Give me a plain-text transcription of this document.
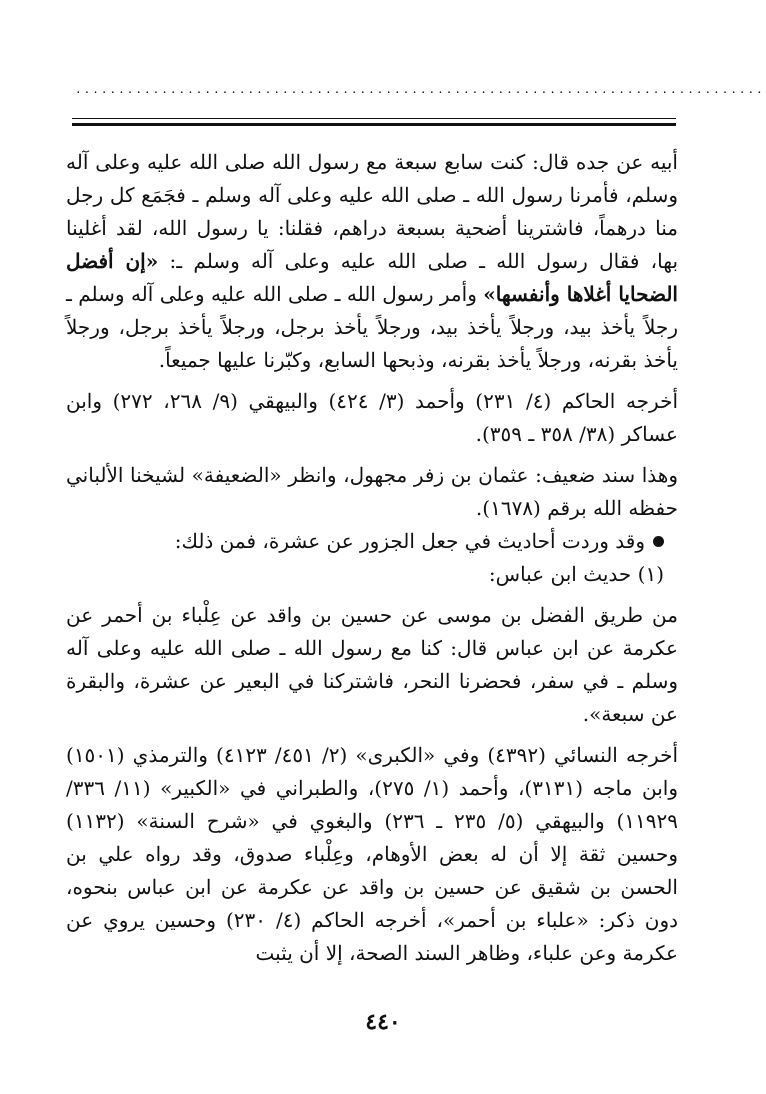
................................................................................

أبيه عن جده قال: كنت سابع سبعة مع رسول الله صلى الله عليه وعلى آله وسلم، فأمرنا رسول الله ـ صلى الله عليه وعلى آله وسلم ـ فجَمَع كل رجل منا درهماً، فاشترينا أضحية بسبعة دراهم، فقلنا: يا رسول الله، لقد أغلينا بها، فقال رسول الله ـ صلى الله عليه وعلى آله وسلم ـ: «إن أفضل الضحايا أغلاها وأنفسها» وأمر رسول الله ـ صلى الله عليه وعلى آله وسلم ـ رجلاً يأخذ بيد، ورجلاً يأخذ بيد، ورجلاً يأخذ برجل، ورجلاً يأخذ برجل، ورجلاً يأخذ بقرنه، ورجلاً يأخذ بقرنه، وذبحها السابع، وكبّرنا عليها جميعاً.

أخرجه الحاكم (٤/ ٢٣١) وأحمد (٣/ ٤٢٤) والبيهقي (٩/ ٢٦٨، ٢٧٢) وابن عساكر (٣٨/ ٣٥٨ ـ ٣٥٩).

وهذا سند ضعيف: عثمان بن زفر مجهول، وانظر «الضعيفة» لشيخنا الألباني حفظه الله برقم (١٦٧٨).

وقد وردت أحاديث في جعل الجزور عن عشرة، فمن ذلك:

(١) حديث ابن عباس:

من طريق الفضل بن موسى عن حسين بن واقد عن عِلْباء بن أحمر عن عكرمة عن ابن عباس قال: كنا مع رسول الله ـ صلى الله عليه وعلى آله وسلم ـ في سفر، فحضرنا النحر، فاشتركنا في البعير عن عشرة، والبقرة عن سبعة».

أخرجه النسائي (٤٣٩٢) وفي «الكبرى» (٢/ ٤٥١/ ٤١٢٣) والترمذي (١٥٠١) وابن ماجه (٣١٣١)، وأحمد (١/ ٢٧٥)، والطبراني في «الكبير» (١١/ ٣٣٦/ ١١٩٢٩) والبيهقي (٥/ ٢٣٥ ـ ٢٣٦) والبغوي في «شرح السنة» (١١٣٢) وحسين ثقة إلا أن له بعض الأوهام، وعِلْباء صدوق، وقد رواه علي بن الحسن بن شقيق عن حسين بن واقد عن عكرمة عن ابن عباس بنحوه، دون ذكر: «علباء بن أحمر»، أخرجه الحاكم (٤/ ٢٣٠) وحسين يروي عن عكرمة وعن علباء، وظاهر السند الصحة، إلا أن يثبت

٤٤٠
